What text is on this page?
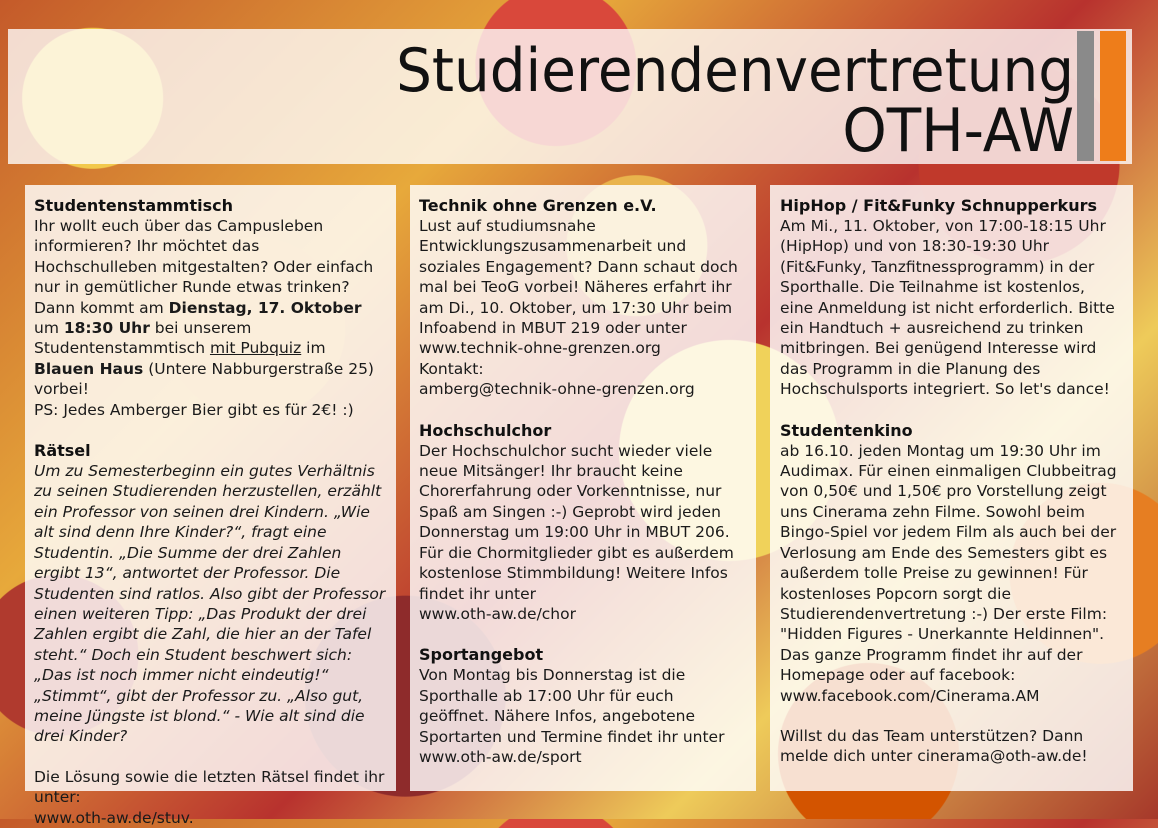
Studierendenvertretung
OTH-AW
Studentenstammtisch

Ihr wollt euch über das Campusleben informieren? Ihr möchtet das Hochschulleben mitgestalten? Oder einfach nur in gemütlicher Runde etwas trinken? Dann kommt am Dienstag, 17. Oktober um 18:30 Uhr bei unserem Studentenstammtisch mit Pubquiz im Blauen Haus (Untere Nabburgerstraße 25) vorbei!

PS: Jedes Amberger Bier gibt es für 2€! :)

Rätsel

Um zu Semesterbeginn ein gutes Verhältnis zu seinen Studierenden herzustellen, erzählt ein Professor von seinen drei Kindern. „Wie alt sind denn Ihre Kinder?“, fragt eine Studentin. „Die Summe der drei Zahlen ergibt 13“, antwortet der Professor. Die Studenten sind ratlos. Also gibt der Professor einen weiteren Tipp: „Das Produkt der drei Zahlen ergibt die Zahl, die hier an der Tafel steht.“ Doch ein Student beschwert sich: „Das ist noch immer nicht eindeutig!“ „Stimmt“, gibt der Professor zu. „Also gut, meine Jüngste ist blond.“ - Wie alt sind die drei Kinder?

Die Lösung sowie die letzten Rätsel findet ihr unter:

www.oth-aw.de/stuv.

Technik ohne Grenzen e.V.

Lust auf studiumsnahe Entwicklungszusammenarbeit und soziales Engagement? Dann schaut doch mal bei TeoG vorbei! Näheres erfahrt ihr am Di., 10. Oktober, um 17:30 Uhr beim Infoabend in MBUT 219 oder unter

www.technik-ohne-grenzen.org

Kontakt:

amberg@technik-ohne-grenzen.org

Hochschulchor

Der Hochschulchor sucht wieder viele neue Mitsänger! Ihr braucht keine Chorerfahrung oder Vorkenntnisse, nur Spaß am Singen :-) Geprobt wird jeden Donnerstag um 19:00 Uhr in MBUT 206. Für die Chormitglieder gibt es außerdem kostenlose Stimmbildung! Weitere Infos findet ihr unter

www.oth-aw.de/chor

Sportangebot

Von Montag bis Donnerstag ist die Sporthalle ab 17:00 Uhr für euch geöffnet. Nähere Infos, angebotene Sportarten und Termine findet ihr unter

www.oth-aw.de/sport

HipHop / Fit&Funky Schnupperkurs

Am Mi., 11. Oktober, von 17:00-18:15 Uhr (HipHop) und von 18:30-19:30 Uhr (Fit&Funky, Tanzfitnessprogramm) in der Sporthalle. Die Teilnahme ist kostenlos, eine Anmeldung ist nicht erforderlich. Bitte ein Handtuch + ausreichend zu trinken mitbringen. Bei genügend Interesse wird das Programm in die Planung des Hochschulsports integriert. So let's dance!

Studentenkino

ab 16.10. jeden Montag um 19:30 Uhr im Audimax. Für einen einmaligen Clubbeitrag von 0,50€ und 1,50€ pro Vorstellung zeigt uns Cinerama zehn Filme. Sowohl beim Bingo-Spiel vor jedem Film als auch bei der Verlosung am Ende des Semesters gibt es außerdem tolle Preise zu gewinnen! Für kostenloses Popcorn sorgt die Studierendenvertretung :-) Der erste Film: "Hidden Figures - Unerkannte Heldinnen". Das ganze Programm findet ihr auf der Homepage oder auf facebook:

www.facebook.com/Cinerama.AM

Willst du das Team unterstützen? Dann melde dich unter cinerama@oth-aw.de!
